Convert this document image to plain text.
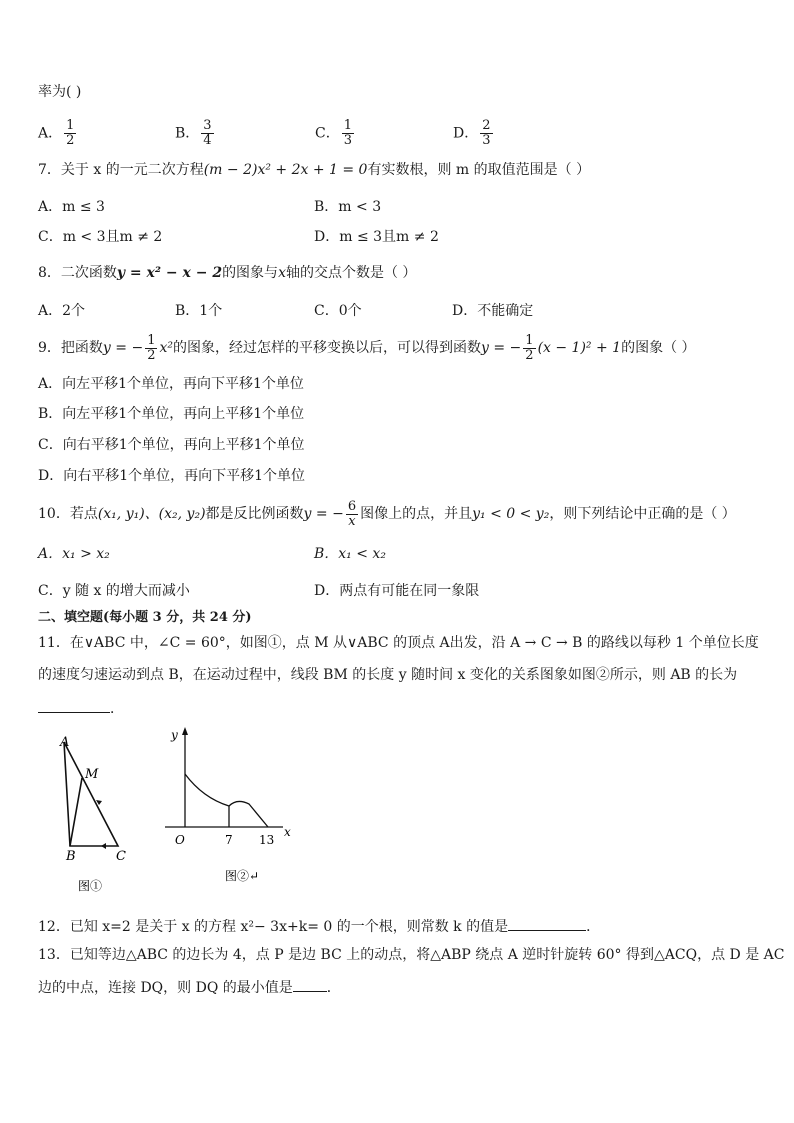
率为( )
A． $\frac{1}{2}$	B． $\frac{3}{4}$	C． $\frac{1}{3}$	D． $\frac{2}{3}$
7．关于 x 的一元二次方程(m − 2)x² + 2x + 1 = 0有实数根，则 m 的取值范围是（ ）
A．m ≤ 3	B．m < 3
C．m < 3且m ≠ 2	D．m ≤ 3且m ≠ 2
8．二次函数y = x² − x − 2的图象与x轴的交点个数是（ ）
A．2个	B．1个	C．0个	D．不能确定
9．把函数y = − $\frac{1}{2} x^2$的图象，经过怎样的平移变换以后，可以得到函数y = − $\frac{1}{2} (x - 1)^2 + 1$的图象（ ）
A．向左平移1个单位，再向下平移1个单位
B．向左平移1个单位，再向上平移1个单位
C．向右平移1个单位，再向上平移1个单位
D．向右平移1个单位，再向下平移1个单位
10．若点(x₁, y₁)、(x₂, y₂)都是反比例函数y = − $\frac{6}{x}$ 图像上的点，并且y₁ < 0 < y₂，则下列结论中正确的是（ ）
A．x₁ > x₂	B．x₁ < x₂
C．y 随 x 的增大而减小	D．两点有可能在同一象限
二、填空题(每小题 3 分，共 24 分)
11．在∨ABC 中，∠C = 60°，如图①，点 M 从∨ABC 的顶点 A出发，沿 A → C → B 的路线以每秒 1 个单位长度
的速度匀速运动到点 B，在运动过程中，线段 BM 的长度 y 随时间 x 变化的关系图象如图②所示，则 AB 的长为
．
A
M
B	C
图①
y
x
O	7 13
图②↵
12．已知 x=2 是关于 x 的方程 x²− 3x+k= 0 的一个根，则常数 k 的值是	．
13．已知等边△ABC 的边长为 4，点 P 是边 BC 上的动点，将△ABP 绕点 A 逆时针旋转 60° 得到△ACQ，点 D 是 AC
边的中点，连接 DQ，则 DQ 的最小值是 ．
